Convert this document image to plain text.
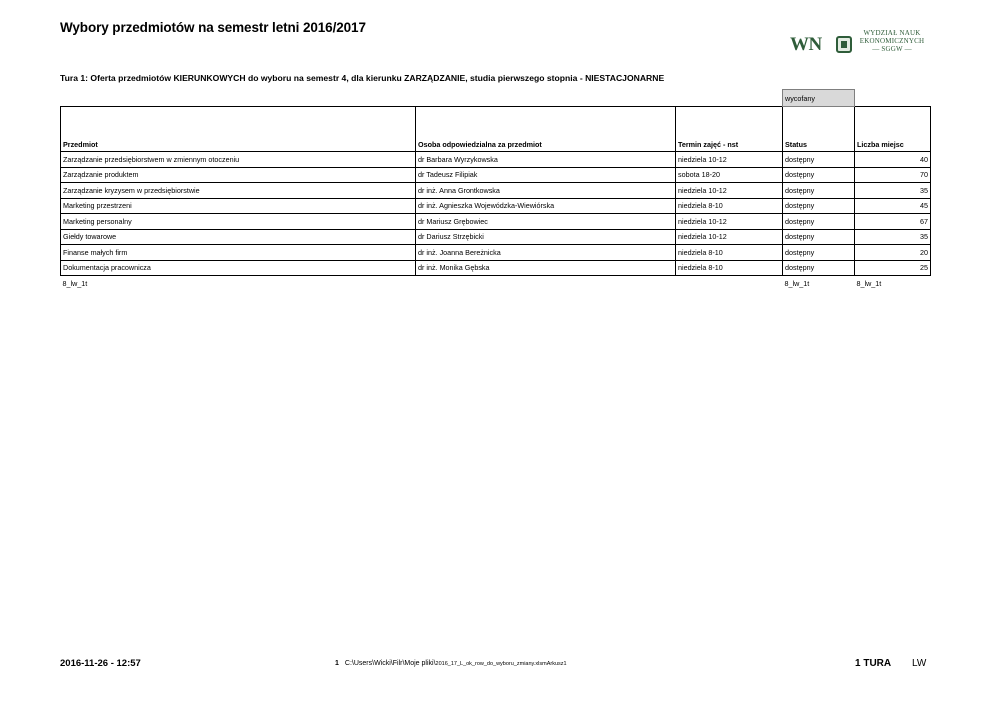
Wybory przedmiotów na semestr letni 2016/2017
WN
WYDZIAŁ NAUK
EKONOMICZNYCH

— SGGW —
Tura 1: Oferta przedmiotów KIERUNKOWYCH do wyboru na semestr 4, dla kierunku ZARZĄDZANIE, studia pierwszego stopnia - NIESTACJONARNE
			wycofany	
Przedmiot	Osoba odpowiedzialna za przedmiot	Termin zajęć - nst	Status	Liczba miejsc
Zarządzanie przedsiębiorstwem w zmiennym otoczeniu	dr Barbara Wyrzykowska	niedziela 10-12	dostępny	40
Zarządzanie produktem	dr Tadeusz Filipiak	sobota 18-20	dostępny	70
Zarządzanie kryzysem w przedsiębiorstwie	dr inż. Anna Grontkowska	niedziela 10-12	dostępny	35
Marketing przestrzeni	dr inż. Agnieszka Wojewódzka-Wiewiórska	niedziela 8-10	dostępny	45
Marketing personalny	dr Mariusz Grębowiec	niedziela 10-12	dostępny	67
Giełdy towarowe	dr Dariusz Strzębicki	niedziela 10-12	dostępny	35
Finanse małych firm	dr inż. Joanna Bereżnicka	niedziela 8-10	dostępny	20
Dokumentacja pracownicza	dr inż. Monika Gębska	niedziela 8-10	dostępny	25
8_lw_1t			8_lw_1t	8_lw_1t
2016-11-26 - 12:57	1 C:\Users\Wicki\Filr\Moje pliki\2016_17_L_ok_row_do_wyboru_zmiany.xlsmArkusz1	1 TURA LW
